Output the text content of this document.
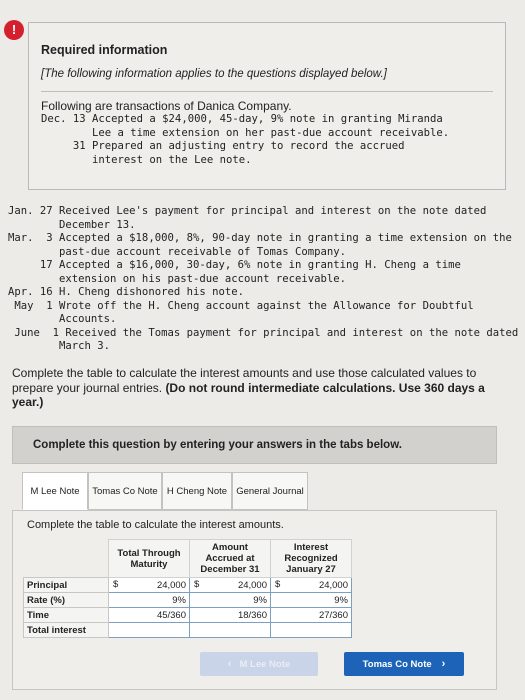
!
Required information
[The following information applies to the questions displayed below.]
Following are transactions of Danica Company.
Dec. 13 Accepted a $24,000, 45-day, 9% note in granting Miranda
Lee a time extension on her past-due account receivable.
31 Prepared an adjusting entry to record the accrued
interest on the Lee note.
Jan. 27 Received Lee's payment for principal and interest on the note dated
December 13.
Mar.  3 Accepted a $18,000, 8%, 90-day note in granting a time extension on the
past-due account receivable of Tomas Company.
17 Accepted a $16,000, 30-day, 6% note in granting H. Cheng a time
extension on his past-due account receivable.
Apr. 16 H. Cheng dishonored his note.
May  1 Wrote off the H. Cheng account against the Allowance for Doubtful
Accounts.
June  1 Received the Tomas payment for principal and interest on the note dated
March 3.
Complete the table to calculate the interest amounts and use those calculated values to prepare your journal entries. (Do not round intermediate calculations. Use 360 days a year.)
Complete this question by entering your answers in the tabs below.
M Lee Note	Tomas Co Note H Cheng Note General Journal
Complete the table to calculate the interest amounts.
	Total Through Maturity	Amount Accrued at December 31	Interest Recognized January 27
Principal	$ 24,000	$ 24,000	$ 24,000
Rate (%)	9%	9%	9%
Time	45/360	18/360	27/360
Total interest			
‹ M Lee Note	Tomas Co Note ›
